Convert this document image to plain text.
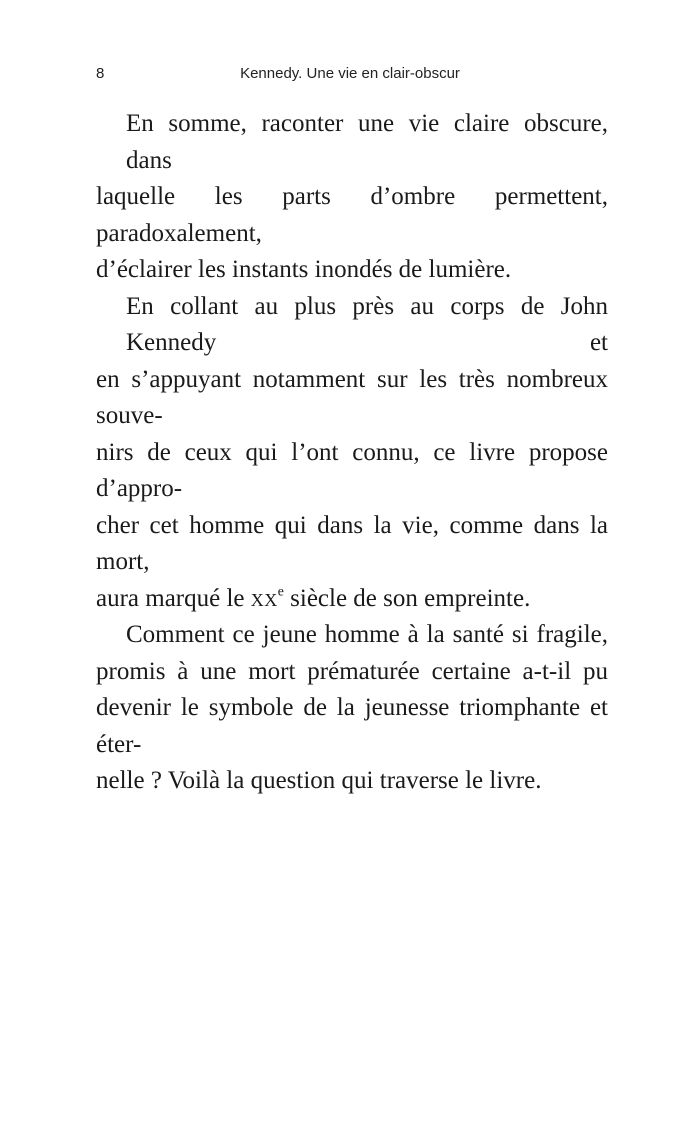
8	Kennedy. Une vie en clair-obscur

En somme, raconter une vie claire obscure, dans
laquelle les parts d’ombre permettent, paradoxalement,
d’éclairer les instants inondés de lumière.

En collant au plus près au corps de John Kennedy et
en s’appuyant notamment sur les très nombreux souve-
nirs de ceux qui l’ont connu, ce livre propose d’appro-
cher cet homme qui dans la vie, comme dans la mort,
aura marqué le $xx^e$ siècle de son empreinte.

Comment ce jeune homme à la santé si fragile,
promis à une mort prématurée certaine a-t-il pu
devenir le symbole de la jeunesse triomphante et éter-
nelle ? Voilà la question qui traverse le livre.
